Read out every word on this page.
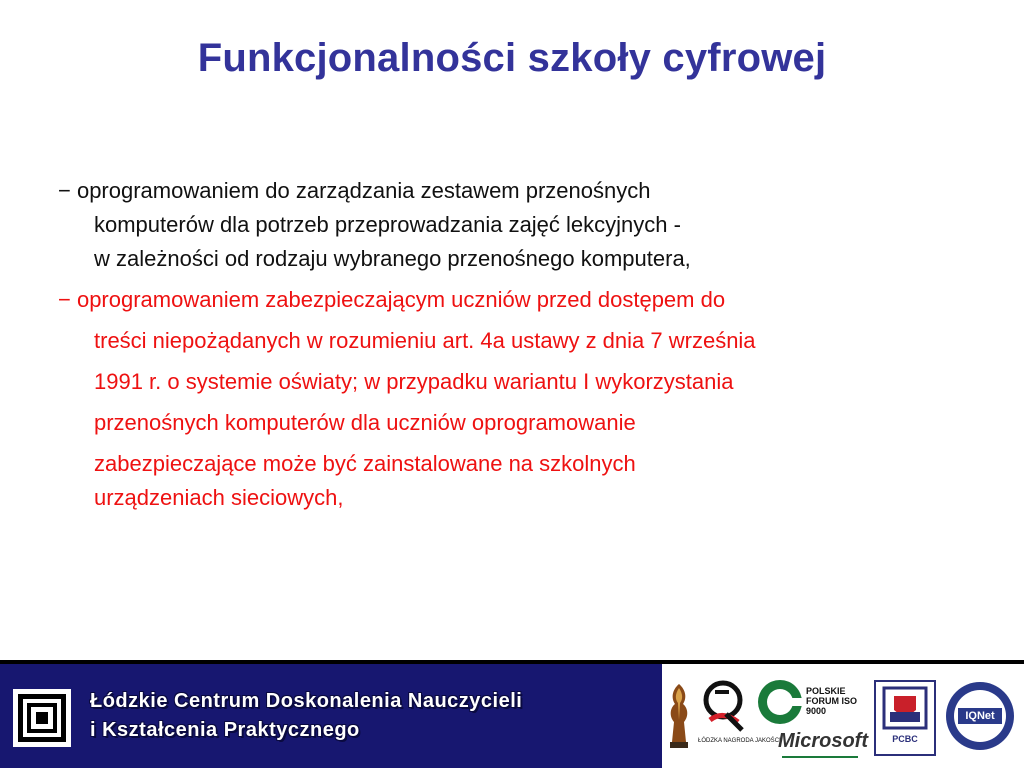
Funkcjonalności szkoły cyfrowej
− oprogramowaniem do zarządzania zestawem przenośnych
komputerów dla potrzeb przeprowadzania zajęć lekcyjnych -
w zależności od rodzaju wybranego przenośnego komputera,
− oprogramowaniem zabezpieczającym uczniów przed dostępem do
treści niepożądanych w rozumieniu art. 4a ustawy z dnia 7 września
1991 r. o systemie oświaty; w przypadku wariantu I wykorzystania
przenośnych komputerów dla uczniów oprogramowanie
zabezpieczające może być zainstalowane na szkolnych
urządzeniach sieciowych,
Łódzkie Centrum Doskonalenia Nauczycieli
i Kształcenia Praktycznego	ŁÓDZKA NAGRODA JAKOŚCI
POLSKIE FORUM ISO 9000
Microsoft	PCBC
IQNet
